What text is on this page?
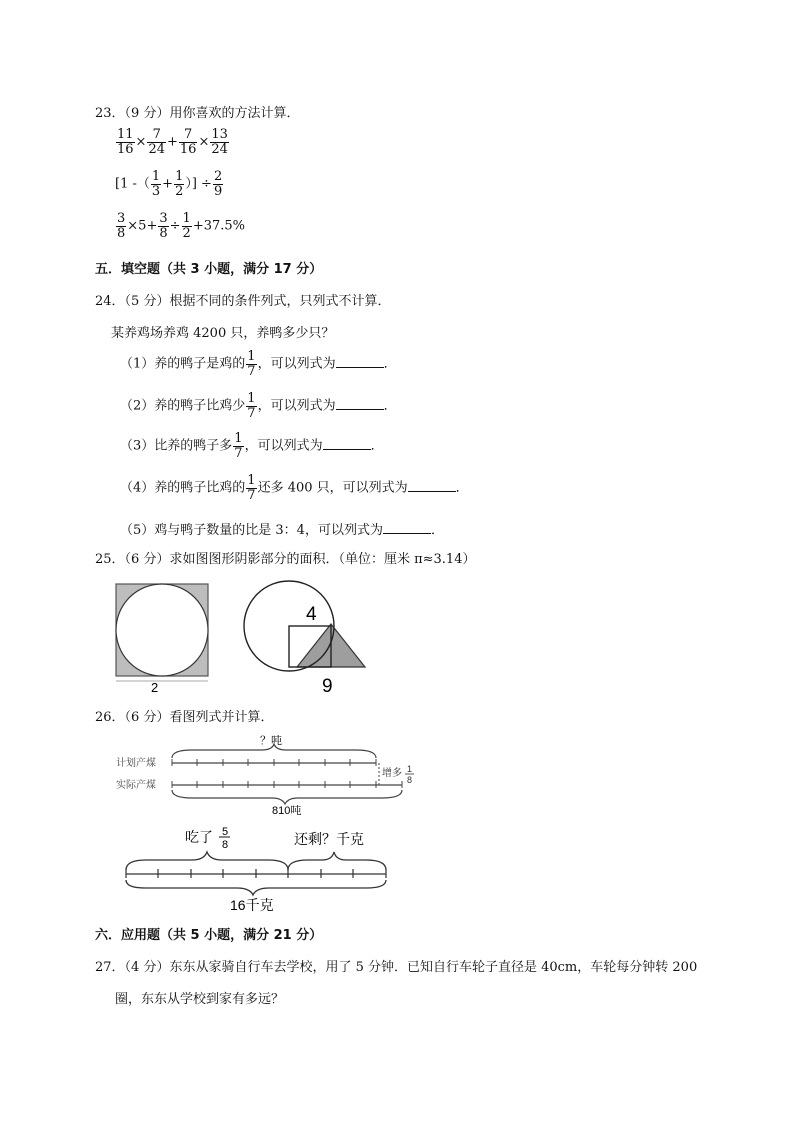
23．（9 分）用你喜欢的方法计算．
$\frac{11}{16} \times \frac{7}{24} + \frac{7}{16} \times \frac{13}{24}$
[1 -（ $\frac{1}{3} + \frac{1}{2}$ ）] ÷ $\frac{2}{9}$
$\frac{3}{8} \times 5+ \frac{3}{8} \div \frac{1}{2} +37.5\%$
五．填空题（共 3 小题，满分 17 分）
24．（5 分）根据不同的条件列式，只列式不计算．
某养鸡场养鸡 4200 只，养鸭多少只？
（1）养的鸭子是鸡的 $\frac{1}{7}$ ，可以列式为	．
（2）养的鸭子比鸡少 $\frac{1}{7}$ ，可以列式为	．
（3）比养的鸭子多 $\frac{1}{7}$ ，可以列式为	．
（4）养的鸭子比鸡的 $\frac{1}{7}$ 还多 400 只，可以列式为	．
（5）鸡与鸭子数量的比是 3：4，可以列式为	．
25．（6 分）求如图图形阴影部分的面积．（单位：厘米 π≈3.14）
2
4
9
26．（6 分）看图列式并计算．
？吨
计划产煤
实际产煤
增多 1
8
810吨
吃了 5
8	还剩？千克
16千克
六．应用题（共 5 小题，满分 21 分）
27．（4 分）东东从家骑自行车去学校，用了 5 分钟．已知自行车轮子直径是 40cm，车轮每分钟转 200
圈，东东从学校到家有多远？
